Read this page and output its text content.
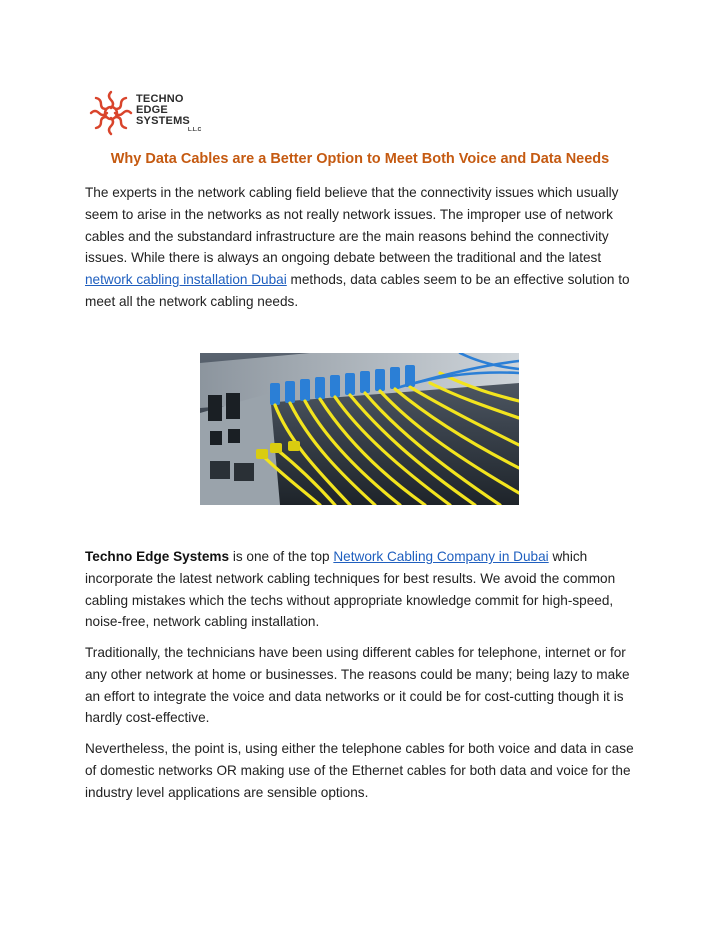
TECHNO
EDGE
SYSTEMS
L.L.C
Why Data Cables are a Better Option to Meet Both Voice and Data Needs

The experts in the network cabling field believe that the connectivity issues which usually seem to arise in the networks as not really network issues. The improper use of network cables and the substandard infrastructure are the main reasons behind the connectivity issues. While there is always an ongoing debate between the traditional and the latest network cabling installation Dubai methods, data cables seem to be an effective solution to meet all the network cabling needs.

Techno Edge Systems is one of the top Network Cabling Company in Dubai which incorporate the latest network cabling techniques for best results. We avoid the common cabling mistakes which the techs without appropriate knowledge commit for high-speed, noise-free, network cabling installation.

Traditionally, the technicians have been using different cables for telephone, internet or for any other network at home or businesses. The reasons could be many; being lazy to make an effort to integrate the voice and data networks or it could be for cost-cutting though it is hardly cost-effective.

Nevertheless, the point is, using either the telephone cables for both voice and data in case of domestic networks OR making use of the Ethernet cables for both data and voice for the industry level applications are sensible options.
